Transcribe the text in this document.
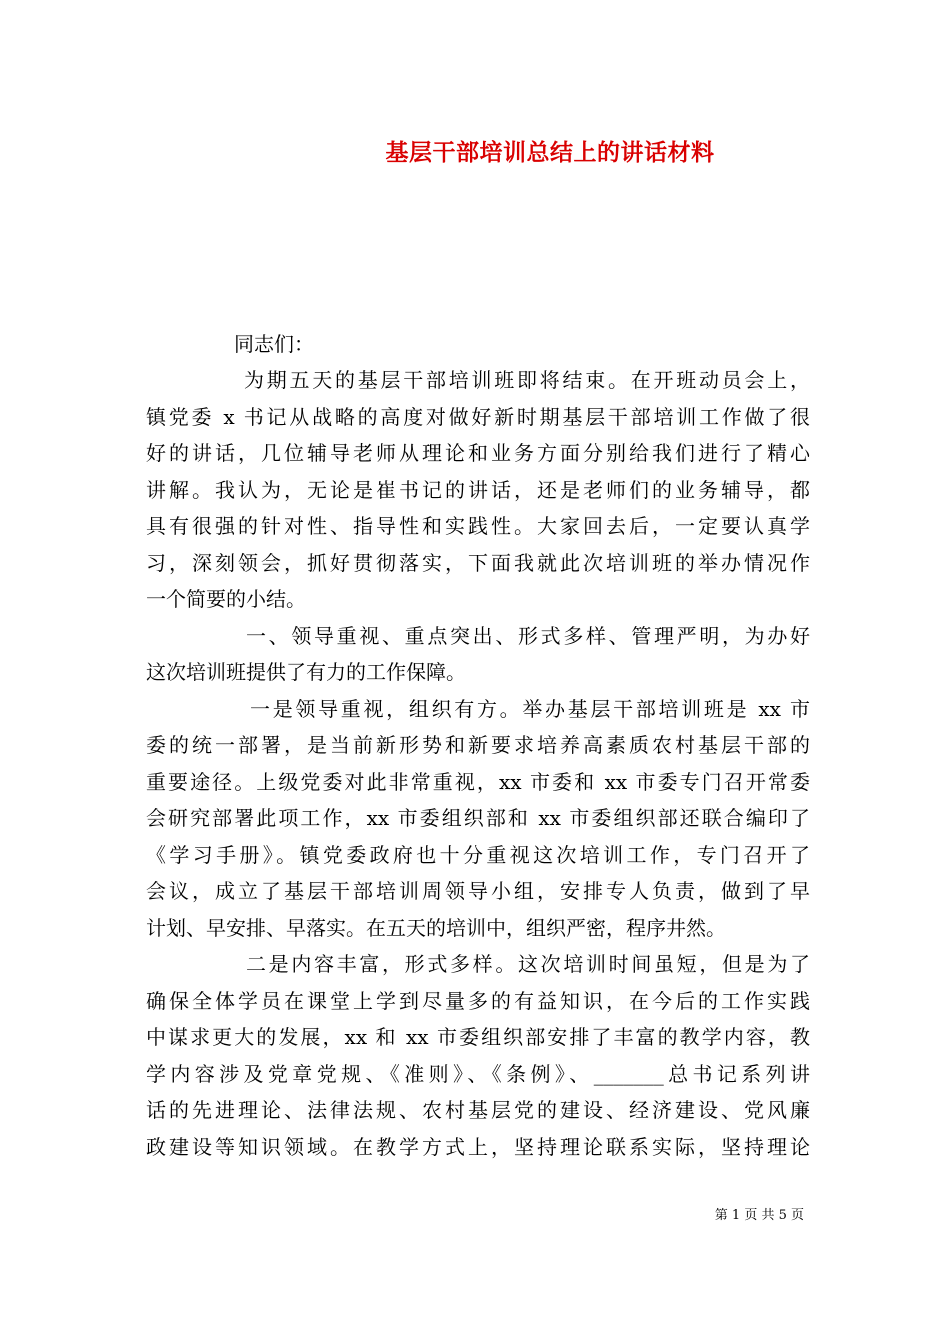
基层干部培训总结上的讲话材料
同志们：
为期五天的基层干部培训班即将结束。在开班动员会上，
镇党委 x 书记从战略的高度对做好新时期基层干部培训工作做了很
好的讲话，几位辅导老师从理论和业务方面分别给我们进行了精心
讲解。我认为，无论是崔书记的讲话，还是老师们的业务辅导，都
具有很强的针对性、指导性和实践性。大家回去后，一定要认真学
习，深刻领会，抓好贯彻落实，下面我就此次培训班的举办情况作
一个简要的小结。
一、领导重视、重点突出、形式多样、管理严明，为办好
这次培训班提供了有力的工作保障。
一是领导重视，组织有方。举办基层干部培训班是 xx 市
委的统一部署，是当前新形势和新要求培养高素质农村基层干部的
重要途径。上级党委对此非常重视，xx 市委和 xx 市委专门召开常委
会研究部署此项工作，xx 市委组织部和 xx 市委组织部还联合编印了
《学习手册》。镇党委政府也十分重视这次培训工作，专门召开了
会议，成立了基层干部培训周领导小组，安排专人负责，做到了早
计划、早安排、早落实。在五天的培训中，组织严密，程序井然。
二是内容丰富，形式多样。这次培训时间虽短，但是为了
确保全体学员在课堂上学到尽量多的有益知识，在今后的工作实践
中谋求更大的发展，xx 和 xx 市委组织部安排了丰富的教学内容，教
学内容涉及党章党规、《准则》、《条例》、_______总书记系列讲
话的先进理论、法律法规、农村基层党的建设、经济建设、党风廉
政建设等知识领域。在教学方式上，坚持理论联系实际，坚持理论
第 1 页 共 5 页
